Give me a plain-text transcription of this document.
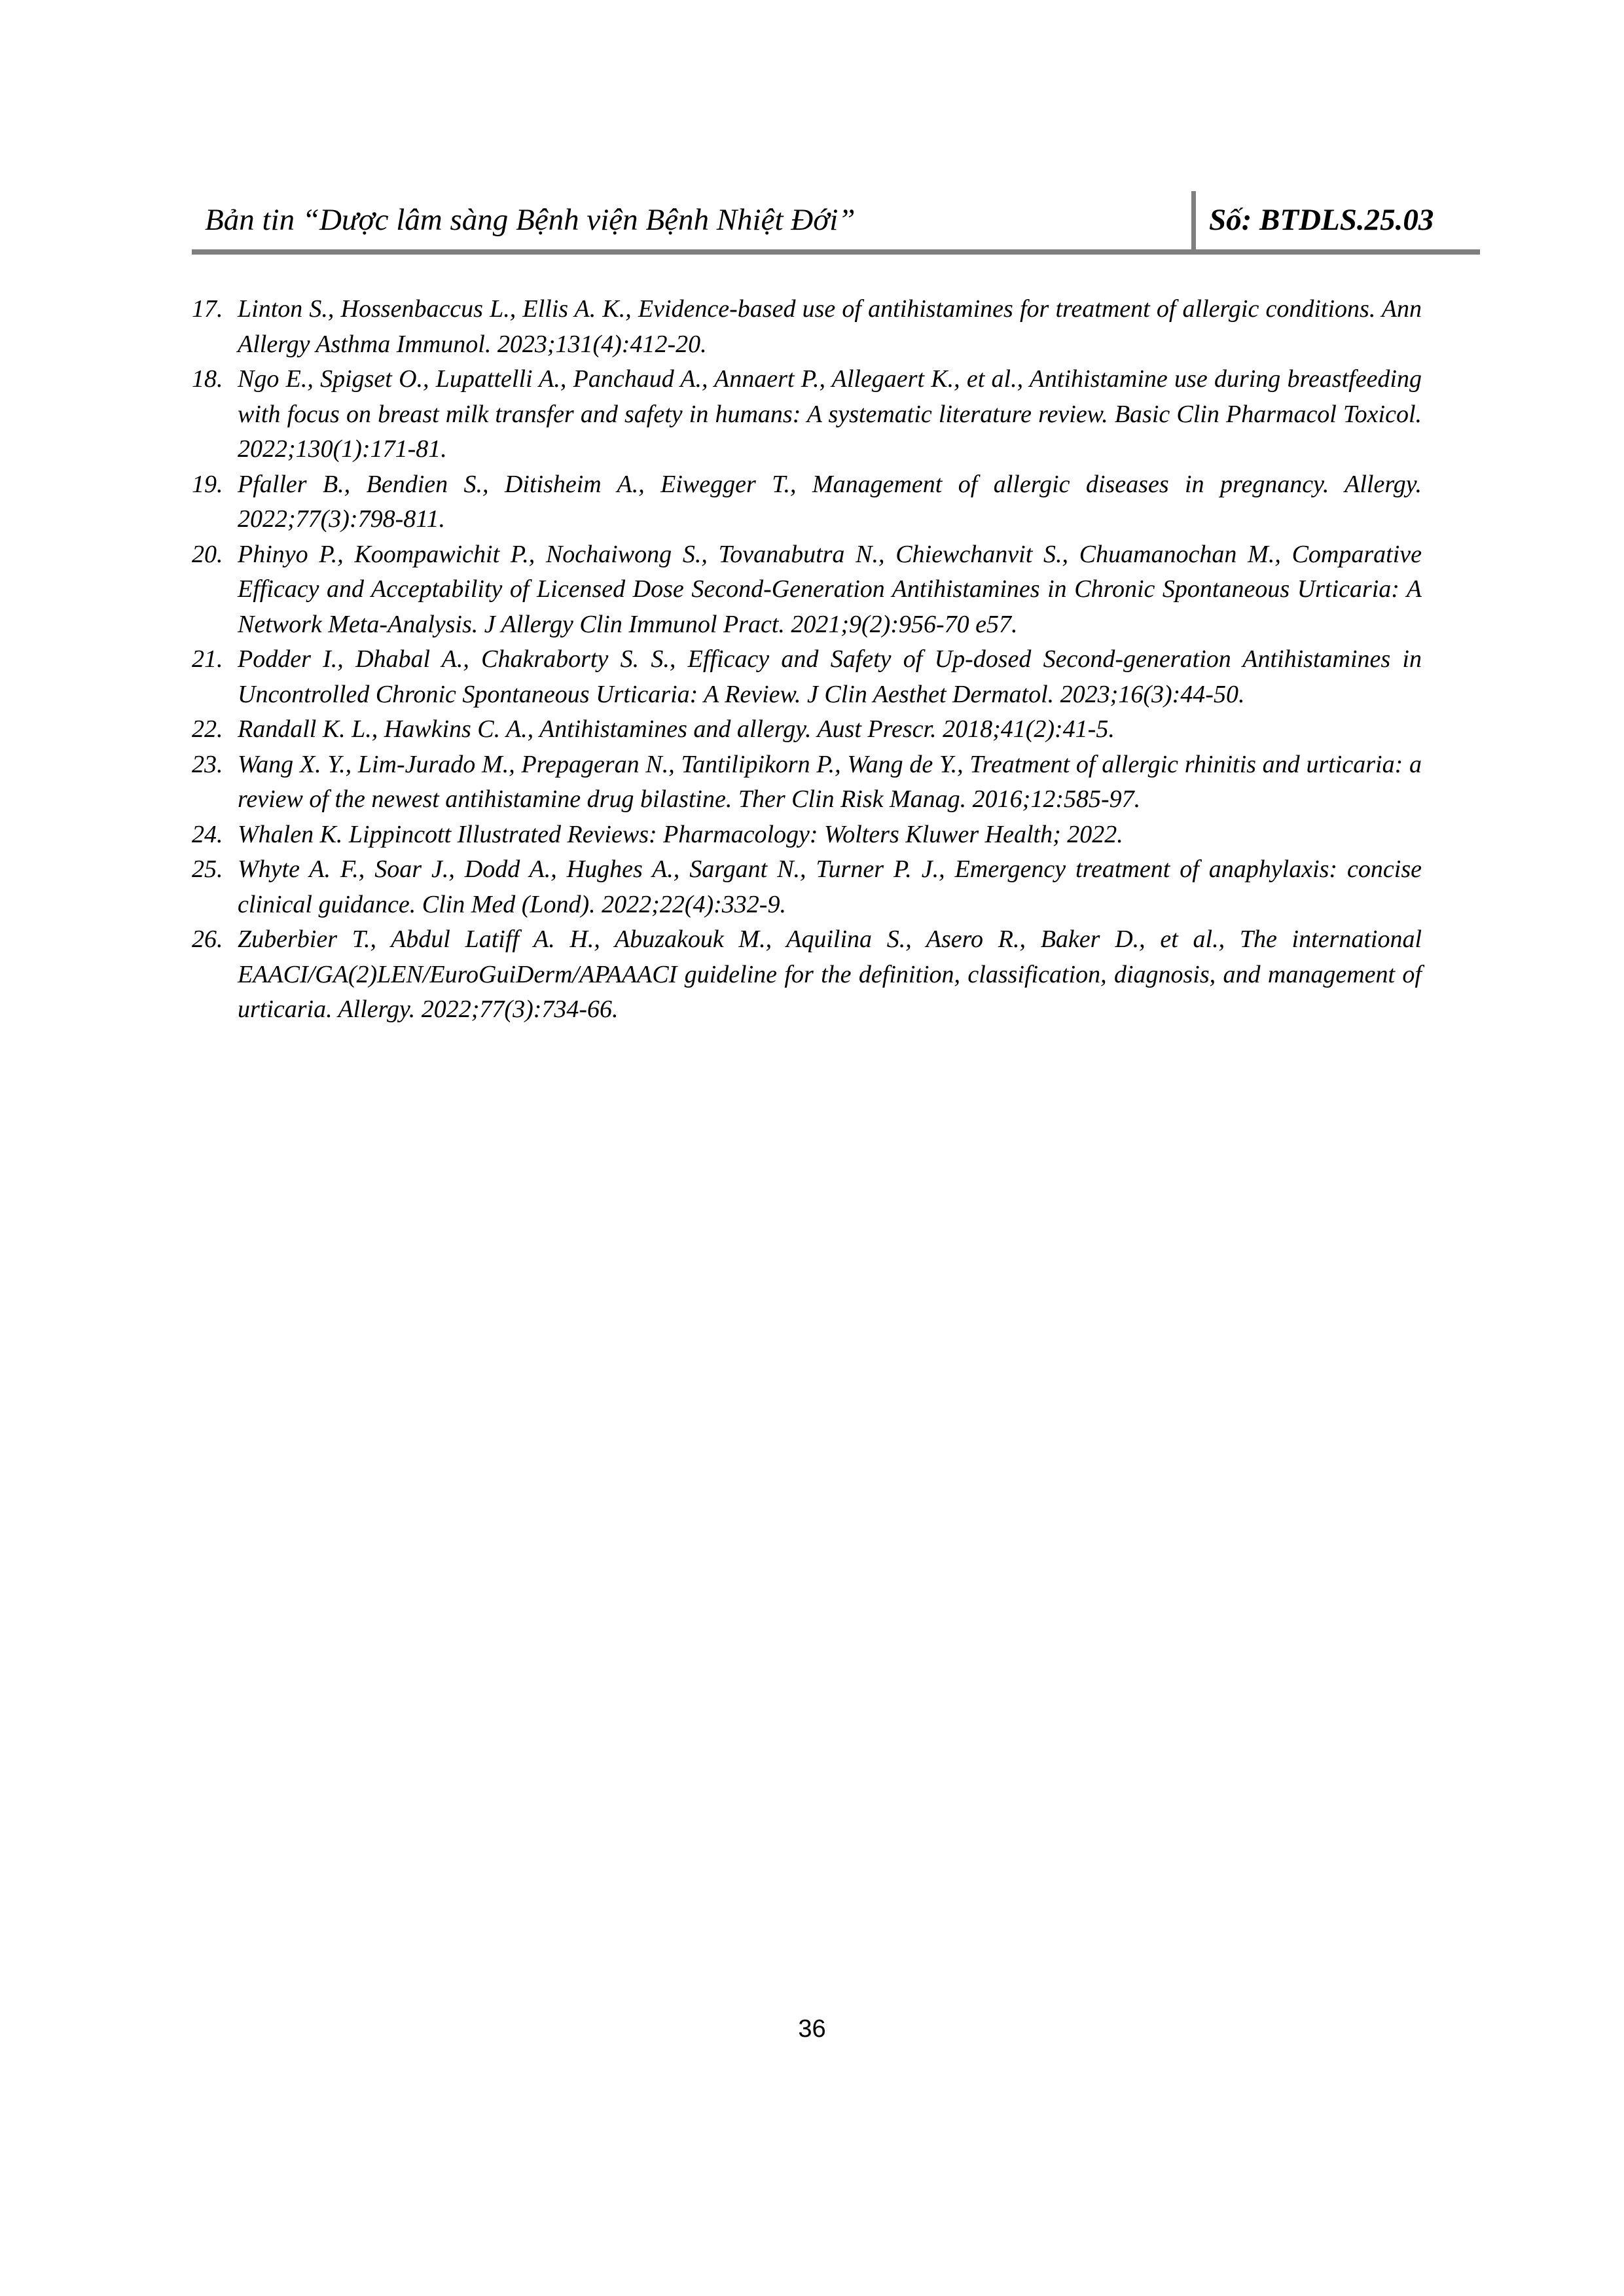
Bản tin “Dược lâm sàng Bệnh viện Bệnh Nhiệt Đới”	Số: BTDLS.25.03
17. Linton S., Hossenbaccus L., Ellis A. K., Evidence-based use of antihistamines for treatment of allergic conditions. Ann Allergy Asthma Immunol. 2023;131(4):412-20.
18. Ngo E., Spigset O., Lupattelli A., Panchaud A., Annaert P., Allegaert K., et al., Antihistamine use during breastfeeding with focus on breast milk transfer and safety in humans: A systematic literature review. Basic Clin Pharmacol Toxicol. 2022;130(1):171-81.
19. Pfaller B., Bendien S., Ditisheim A., Eiwegger T., Management of allergic diseases in pregnancy. Allergy. 2022;77(3):798-811.
20. Phinyo P., Koompawichit P., Nochaiwong S., Tovanabutra N., Chiewchanvit S., Chuamanochan M., Comparative Efficacy and Acceptability of Licensed Dose Second-Generation Antihistamines in Chronic Spontaneous Urticaria: A Network Meta-Analysis. J Allergy Clin Immunol Pract. 2021;9(2):956-70 e57.
21. Podder I., Dhabal A., Chakraborty S. S., Efficacy and Safety of Up-dosed Second-generation Antihistamines in Uncontrolled Chronic Spontaneous Urticaria: A Review. J Clin Aesthet Dermatol. 2023;16(3):44-50.
22. Randall K. L., Hawkins C. A., Antihistamines and allergy. Aust Prescr. 2018;41(2):41-5.
23. Wang X. Y., Lim-Jurado M., Prepageran N., Tantilipikorn P., Wang de Y., Treatment of allergic rhinitis and urticaria: a review of the newest antihistamine drug bilastine. Ther Clin Risk Manag. 2016;12:585-97.
24. Whalen K. Lippincott Illustrated Reviews: Pharmacology: Wolters Kluwer Health; 2022.
25. Whyte A. F., Soar J., Dodd A., Hughes A., Sargant N., Turner P. J., Emergency treatment of anaphylaxis: concise clinical guidance. Clin Med (Lond). 2022;22(4):332-9.
26. Zuberbier T., Abdul Latiff A. H., Abuzakouk M., Aquilina S., Asero R., Baker D., et al., The international EAACI/GA(2)LEN/EuroGuiDerm/APAAACI guideline for the definition, classification, diagnosis, and management of urticaria. Allergy. 2022;77(3):734-66.
36
